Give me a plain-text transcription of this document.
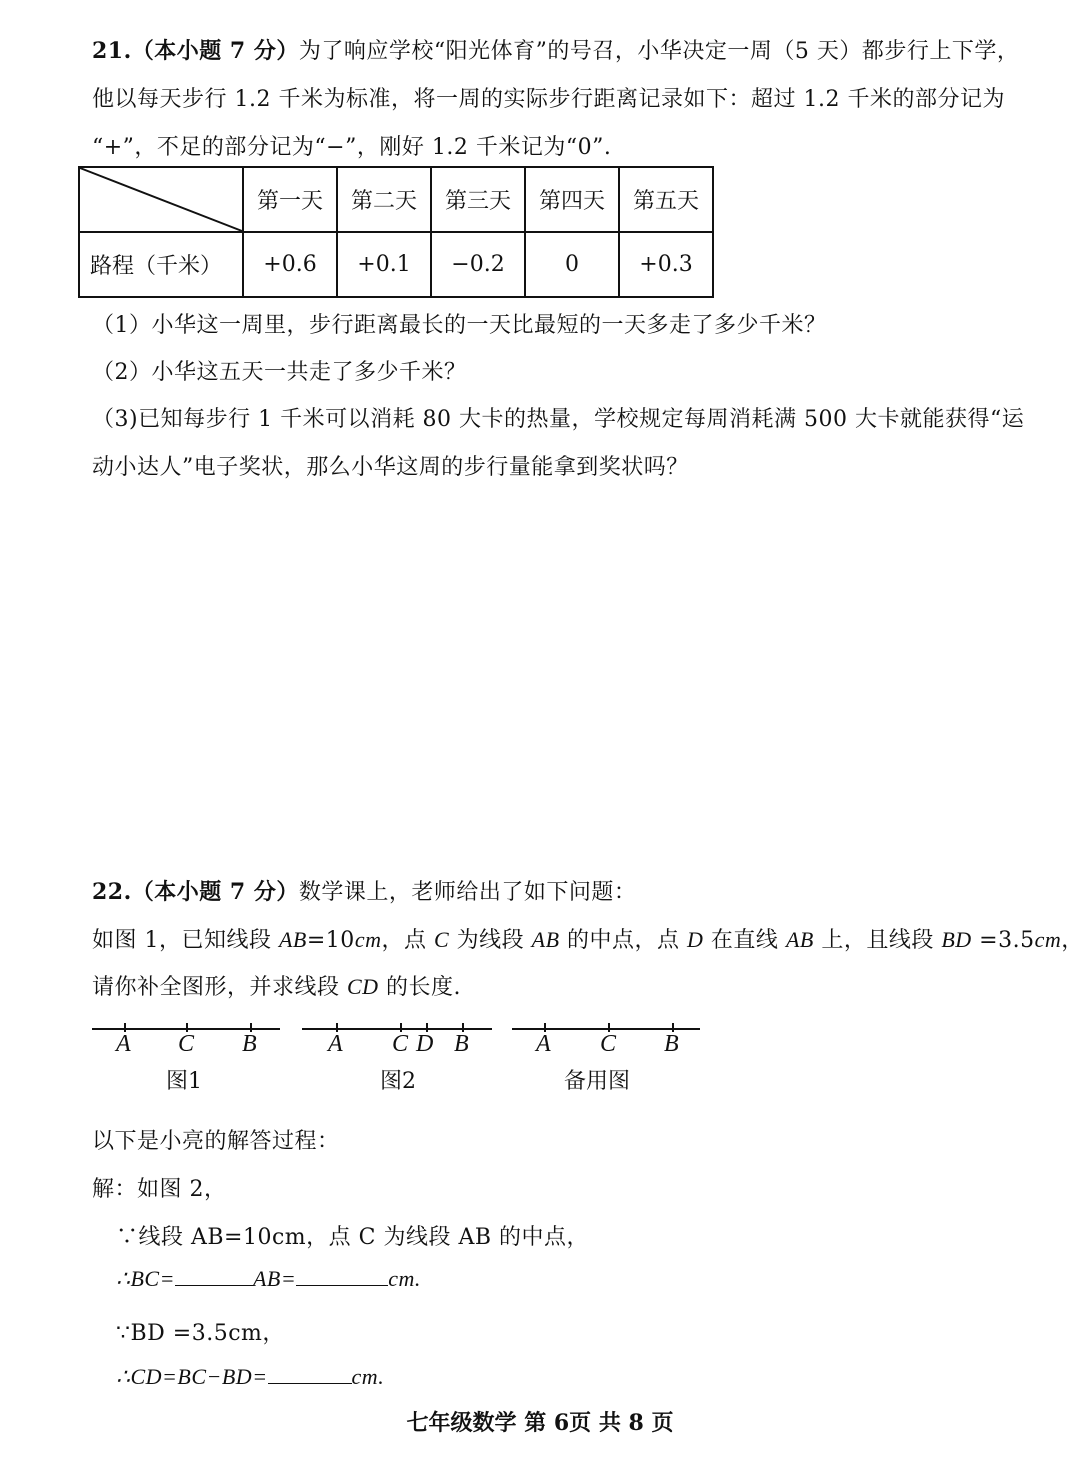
21.（本小题 7 分）为了响应学校“阳光体育”的号召，小华决定一周（5 天）都步行上下学，
他以每天步行 1.2 千米为标准，将一周的实际步行距离记录如下：超过 1.2 千米的部分记为
“+”，不足的部分记为“−”，刚好 1.2 千米记为“0”.
	第一天	第二天	第三天	第四天	第五天
路程（千米）	+0.6	+0.1	−0.2	0	+0.3
（1）小华这一周里，步行距离最长的一天比最短的一天多走了多少千米？
（2）小华这五天一共走了多少千米？
（3)已知每步行 1 千米可以消耗 80 大卡的热量，学校规定每周消耗满 500 大卡就能获得“运
动小达人”电子奖状，那么小华这周的步行量能拿到奖状吗？
22.（本小题 7 分）数学课上，老师给出了如下问题：
如图 1，已知线段 AB=10cm，点 C 为线段 AB 的中点，点 D 在直线 AB 上，且线段 BD =3.5cm，
请你补全图形，并求线段 CD 的长度.
A C B
图1
A C D B
图2
A C B
备用图
以下是小亮的解答过程：
解：如图 2，
∵线段 AB=10cm，点 C 为线段 AB 的中点，
∴BC=	AB=	cm.
∵BD =3.5cm，
∴CD=BC−BD=	cm.
七年级数学 第 6页 共 8 页
